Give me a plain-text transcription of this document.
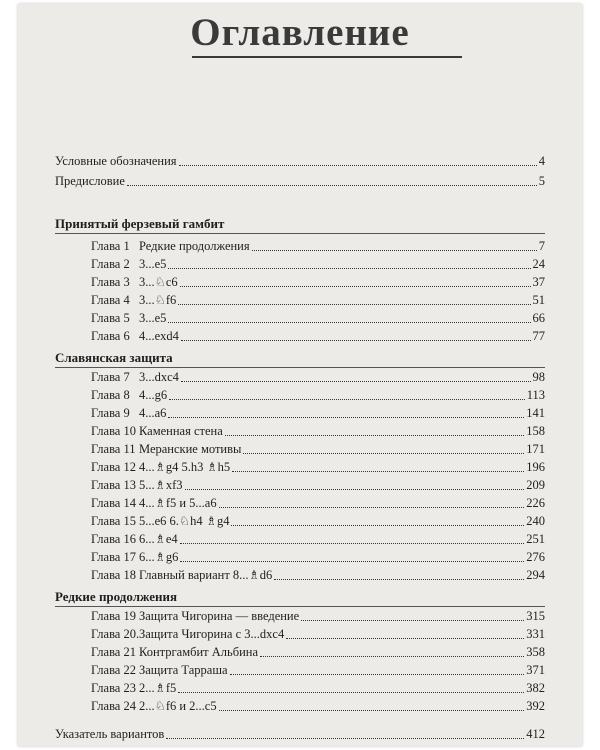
Оглавление
Условные обозначения	4
Предисловие	5
Принятый ферзевый гамбит
Глава 1 Редкие продолжения	7
Глава 2 3...e5	24
Глава 3 3...♘c6	37
Глава 4 3...♘f6	51
Глава 5 3...e5	66
Глава 6 4...exd4	77
Славянская защита
Глава 7 3...dxc4	98
Глава 8 4...g6	113
Глава 9 4...a6	141
Глава 10 Каменная стена	158
Глава 11 Меранские мотивы	171
Глава 12 4...♗g4 5.h3 ♗h5	196
Глава 13 5...♗xf3	209
Глава 14 4...♗f5 и 5...a6	226
Глава 15 5...e6 6.♘h4 ♗g4	240
Глава 16 6...♗e4	251
Глава 17 6...♗g6	276
Глава 18 Главный вариант 8...♗d6	294
Редкие продолжения
Глава 19 Защита Чигорина — введение	315
Глава 20.Защита Чигорина с 3...dxc4	331
Глава 21 Контргамбит Альбина	358
Глава 22 Защита Тарраша	371
Глава 23 2...♗f5	382
Глава 24 2...♘f6 и 2...c5	392
Указатель вариантов	412
